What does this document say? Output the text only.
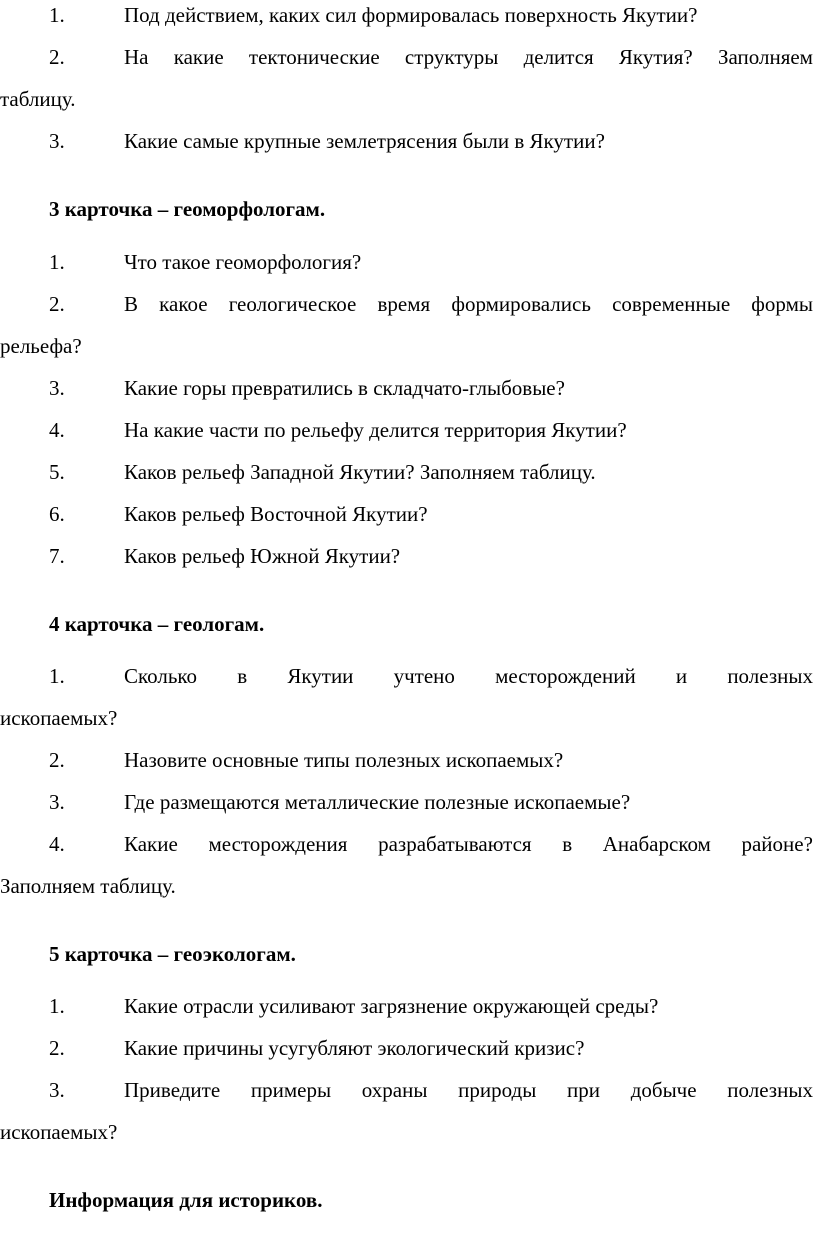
1.	Под действием, каких сил формировалась поверхность Якутии?
2.	На какие тектонические структуры делится Якутия? Заполняем
таблицу.
3.	Какие самые крупные землетрясения были в Якутии?
3 карточка – геоморфологам.
1.	Что такое геоморфология?
2.	В какое геологическое время формировались современные формы
рельефа?
3.	Какие горы превратились в складчато-глыбовые?
4.	На какие части по рельефу делится территория Якутии?
5.	Каков рельеф Западной Якутии? Заполняем таблицу.
6.	Каков рельеф Восточной Якутии?
7.	Каков рельеф Южной Якутии?
4 карточка – геологам.
1.	Сколько в Якутии учтено месторождений и полезных
ископаемых?
2.	Назовите основные типы полезных ископаемых?
3.	Где размещаются металлические полезные ископаемые?
4.	Какие месторождения разрабатываются в Анабарском районе?
Заполняем таблицу.
5 карточка – геоэкологам.
1.	Какие отрасли усиливают загрязнение окружающей среды?
2.	Какие причины усугубляют экологический кризис?
3.	Приведите примеры охраны природы при добыче полезных
ископаемых?
Информация для историков.
